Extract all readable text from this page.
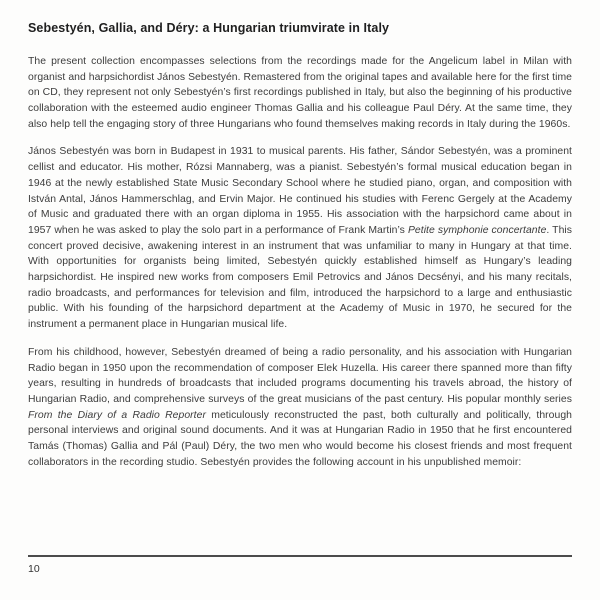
Sebestyén, Gallia, and Déry: a Hungarian triumvirate in Italy

The present collection encompasses selections from the recordings made for the Angelicum label in Milan with organist and harpsichordist János Sebestyén. Remastered from the original tapes and available here for the first time on CD, they represent not only Sebestyén’s first recordings published in Italy, but also the beginning of his productive collaboration with the esteemed audio engineer Thomas Gallia and his colleague Paul Déry. At the same time, they also help tell the engaging story of three Hungarians who found themselves making records in Italy during the 1960s.

János Sebestyén was born in Budapest in 1931 to musical parents. His father, Sándor Sebestyén, was a prominent cellist and educator. His mother, Rózsi Mannaberg, was a pianist. Sebestyén’s formal musical education began in 1946 at the newly established State Music Secondary School where he studied piano, organ, and composition with István Antal, János Hammerschlag, and Ervin Major. He continued his studies with Ferenc Gergely at the Academy of Music and graduated there with an organ diploma in 1955. His association with the harpsichord came about in 1957 when he was asked to play the solo part in a performance of Frank Martin’s Petite symphonie concertante. This concert proved decisive, awakening interest in an instrument that was unfamiliar to many in Hungary at that time. With opportunities for organists being limited, Sebestyén quickly established himself as Hungary’s leading harpsichordist. He inspired new works from composers Emil Petrovics and János Decsényi, and his many recitals, radio broadcasts, and performances for television and film, introduced the harpsichord to a large and enthusiastic public. With his founding of the harpsichord department at the Academy of Music in 1970, he secured for the instrument a permanent place in Hungarian musical life.

From his childhood, however, Sebestyén dreamed of being a radio personality, and his association with Hungarian Radio began in 1950 upon the recommendation of composer Elek Huzella. His career there spanned more than fifty years, resulting in hundreds of broadcasts that included programs documenting his travels abroad, the history of Hungarian Radio, and comprehensive surveys of the great musicians of the past century. His popular monthly series From the Diary of a Radio Reporter meticulously reconstructed the past, both culturally and politically, through personal interviews and original sound documents. And it was at Hungarian Radio in 1950 that he first encountered Tamás (Thomas) Gallia and Pál (Paul) Déry, the two men who would become his closest friends and most frequent collaborators in the recording studio. Sebestyén provides the following account in his unpublished memoir:

10
